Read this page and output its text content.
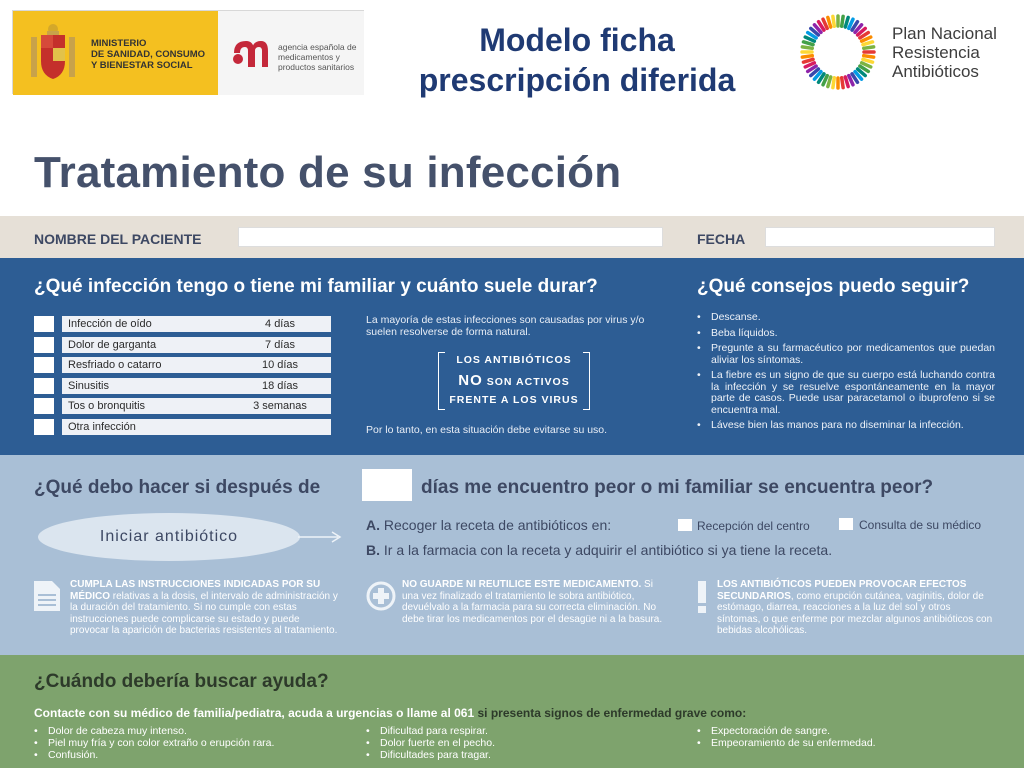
MINISTERIO
DE SANIDAD, CONSUMO
Y BIENESTAR SOCIAL
agencia española de
medicamentos y
productos sanitarios
Modelo ficha prescripción diferida
Plan Nacional
Resistencia
Antibióticos
Tratamiento de su infección
NOMBRE DEL PACIENTE	FECHA
¿Qué infección tengo o tiene mi familiar y cuánto suele durar?	¿Qué consejos puedo seguir?
Infección de oído	4 días
Dolor de garganta	7 días
Resfriado o catarro	10 días
Sinusitis	18 días
Tos o bronquitis	3 semanas
Otra infección
La mayoría de estas infecciones son causadas por virus y/o suelen resolverse de forma natural.
LOS ANTIBIÓTICOS
NO SON ACTIVOS
FRENTE A LOS VIRUS
Por lo tanto, en esta situación debe evitarse su uso.
• Descanse.
• Beba líquidos.
• Pregunte a su farmacéutico por medicamentos que puedan aliviar los síntomas.
• La fiebre es un signo de que su cuerpo está luchando contra la infección y se resuelve espontáneamente en la mayor parte de casos. Puede usar paracetamol o ibuprofeno si se encuentra mal.
• Lávese bien las manos para no diseminar la infección.
¿Qué debo hacer si después de	días me encuentro peor o mi familiar se encuentra peor?
Iniciar antibiótico
A. Recoger la receta de antibióticos en:	Recepción del centro	Consulta de su médico
B. Ir a la farmacia con la receta y adquirir el antibiótico si ya tiene la receta.
CUMPLA LAS INSTRUCCIONES INDICADAS POR SU MÉDICO relativas a la dosis, el intervalo de administración y la duración del tratamiento. Si no cumple con estas instrucciones puede complicarse su estado y puede provocar la aparición de bacterias resistentes al tratamiento.
NO GUARDE NI REUTILICE ESTE MEDICAMENTO. Si una vez finalizado el tratamiento le sobra antibiótico, devuélvalo a la farmacia para su correcta eliminación. No debe tirar los medicamentos por el desagüe ni a la basura.
LOS ANTIBIÓTICOS PUEDEN PROVOCAR EFECTOS SECUNDARIOS, como erupción cutánea, vaginitis, dolor de estómago, diarrea, reacciones a la luz del sol y otros síntomas, o que enferme por mezclar algunos antibióticos con bebidas alcohólicas.
¿Cuándo debería buscar ayuda?
Contacte con su médico de familia/pediatra, acuda a urgencias o llame al 061 si presenta signos de enfermedad grave como:
• Dolor de cabeza muy intenso.
• Piel muy fría y con color extraño o erupción rara.
• Confusión.
• Dificultad para respirar.
• Dolor fuerte en el pecho.
• Dificultades para tragar.
• Expectoración de sangre.
• Empeoramiento de su enfermedad.
